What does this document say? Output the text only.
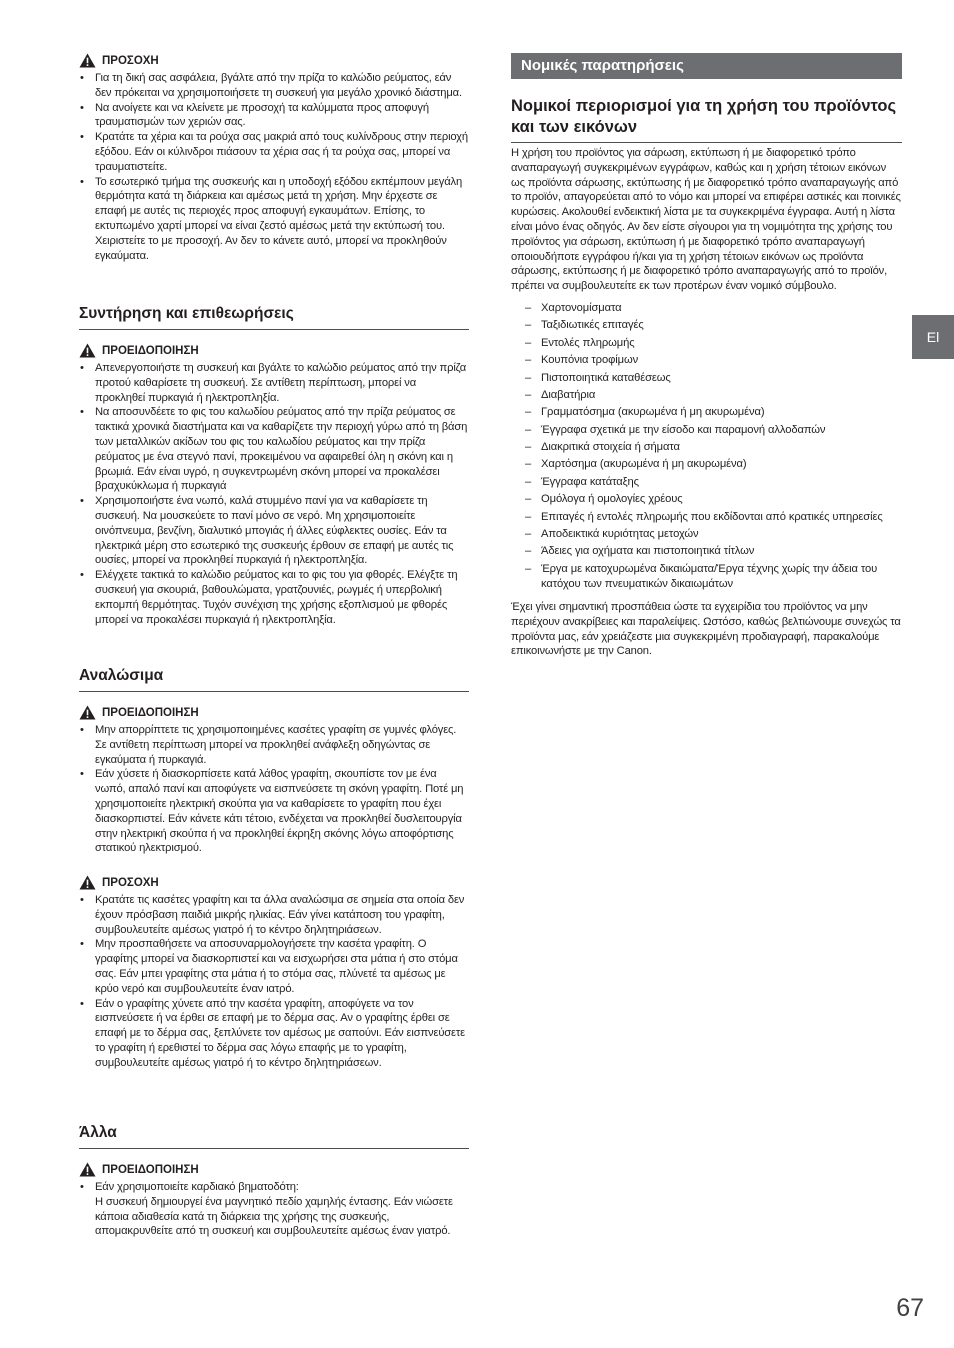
ΠΡΟΣΟΧΗ
• Για τη δική σας ασφάλεια, βγάλτε από την πρίζα το καλώδιο ρεύματος, εάν δεν πρόκειται να χρησιμοποιήσετε τη συσκευή για μεγάλο χρονικό διάστημα.
• Να ανοίγετε και να κλείνετε με προσοχή τα καλύμματα προς αποφυγή τραυματισμών των χεριών σας.
• Κρατάτε τα χέρια και τα ρούχα σας μακριά από τους κυλίνδρους στην περιοχή εξόδου. Εάν οι κύλινδροι πιάσουν τα χέρια σας ή τα ρούχα σας, μπορεί να τραυματιστείτε.
• Το εσωτερικό τμήμα της συσκευής και η υποδοχή εξόδου εκπέμπουν μεγάλη θερμότητα κατά τη διάρκεια και αμέσως μετά τη χρήση. Μην έρχεστε σε επαφή με αυτές τις περιοχές προς αποφυγή εγκαυμάτων. Επίσης, το εκτυπωμένο χαρτί μπορεί να είναι ζεστό αμέσως μετά την εκτύπωσή του. Χειριστείτε το με προσοχή. Αν δεν το κάνετε αυτό, μπορεί να προκληθούν εγκαύματα.
Συντήρηση και επιθεωρήσεις
ΠΡΟΕΙΔΟΠΟΙΗΣΗ
• Απενεργοποιήστε τη συσκευή και βγάλτε το καλώδιο ρεύματος από την πρίζα προτού καθαρίσετε τη συσκευή. Σε αντίθετη περίπτωση, μπορεί να προκληθεί πυρκαγιά ή ηλεκτροπληξία.
• Να αποσυνδέετε το φις του καλωδίου ρεύματος από την πρίζα ρεύματος σε τακτικά χρονικά διαστήματα και να καθαρίζετε την περιοχή γύρω από τη βάση των μεταλλικών ακίδων του φις του καλωδίου ρεύματος και την πρίζα ρεύματος με ένα στεγνό πανί, προκειμένου να αφαιρεθεί όλη η σκόνη και η βρωμιά. Εάν είναι υγρό, η συγκεντρωμένη σκόνη μπορεί να προκαλέσει βραχυκύκλωμα ή πυρκαγιά
• Χρησιμοποιήστε ένα νωπό, καλά στυμμένο πανί για να καθαρίσετε τη συσκευή. Να μουσκεύετε το πανί μόνο σε νερό. Μη χρησιμοποιείτε οινόπνευμα, βενζίνη, διαλυτικό μπογιάς ή άλλες εύφλεκτες ουσίες. Εάν τα ηλεκτρικά μέρη στο εσωτερικό της συσκευής έρθουν σε επαφή με αυτές τις ουσίες, μπορεί να προκληθεί πυρκαγιά ή ηλεκτροπληξία.
• Ελέγχετε τακτικά το καλώδιο ρεύματος και το φις του για φθορές. Ελέγξτε τη συσκευή για σκουριά, βαθουλώματα, γρατζουνιές, ρωγμές ή υπερβολική εκπομπή θερμότητας. Τυχόν συνέχιση της χρήσης εξοπλισμού με φθορές μπορεί να προκαλέσει πυρκαγιά ή ηλεκτροπληξία.
Αναλώσιμα
ΠΡΟΕΙΔΟΠΟΙΗΣΗ
• Μην απορρίπτετε τις χρησιμοποιημένες κασέτες γραφίτη σε γυμνές φλόγες. Σε αντίθετη περίπτωση μπορεί να προκληθεί ανάφλεξη οδηγώντας σε εγκαύματα ή πυρκαγιά.
• Εάν χύσετε ή διασκορπίσετε κατά λάθος γραφίτη, σκουπίστε τον με ένα νωπό, απαλό πανί και αποφύγετε να εισπνεύσετε τη σκόνη γραφίτη. Ποτέ μη χρησιμοποιείτε ηλεκτρική σκούπα για να καθαρίσετε το γραφίτη που έχει διασκορπιστεί. Εάν κάνετε κάτι τέτοιο, ενδέχεται να προκληθεί δυσλειτουργία στην ηλεκτρική σκούπα ή να προκληθεί έκρηξη σκόνης λόγω αποφόρτισης στατικού ηλεκτρισμού.
ΠΡΟΣΟΧΗ
• Κρατάτε τις κασέτες γραφίτη και τα άλλα αναλώσιμα σε σημεία στα οποία δεν έχουν πρόσβαση παιδιά μικρής ηλικίας. Εάν γίνει κατάποση του γραφίτη, συμβουλευτείτε αμέσως γιατρό ή το κέντρο δηλητηριάσεων.
• Μην προσπαθήσετε να αποσυναρμολογήσετε την κασέτα γραφίτη. Ο γραφίτης μπορεί να διασκορπιστεί και να εισχωρήσει στα μάτια ή στο στόμα σας. Εάν μπει γραφίτης στα μάτια ή το στόμα σας, πλύνετέ τα αμέσως με κρύο νερό και συμβουλευτείτε έναν ιατρό.
• Εάν ο γραφίτης χύνετε από την κασέτα γραφίτη, αποφύγετε να τον εισπνεύσετε ή να έρθει σε επαφή με το δέρμα σας. Αν ο γραφίτης έρθει σε επαφή με το δέρμα σας, ξεπλύνετε τον αμέσως με σαπούνι. Εάν εισπνεύσετε το γραφίτη ή ερεθιστεί το δέρμα σας λόγω επαφής με το γραφίτη, συμβουλευτείτε αμέσως γιατρό ή το κέντρο δηλητηριάσεων.
Άλλα
ΠΡΟΕΙΔΟΠΟΙΗΣΗ
• Εάν χρησιμοποιείτε καρδιακό βηματοδότη:
Η συσκευή δημιουργεί ένα μαγνητικό πεδίο χαμηλής έντασης. Εάν νιώσετε κάποια αδιαθεσία κατά τη διάρκεια της χρήσης της συσκευής, απομακρυνθείτε από τη συσκευή και συμβουλευτείτε αμέσως έναν γιατρό.
Νομικές παρατηρήσεις
Νομικοί περιορισμοί για τη χρήση του προϊόντος και των εικόνων

Η χρήση του προϊόντος για σάρωση, εκτύπωση ή με διαφορετικό τρόπο αναπαραγωγή συγκεκριμένων εγγράφων, καθώς και η χρήση τέτοιων εικόνων ως προϊόντα σάρωσης, εκτύπωσης ή με διαφορετικό τρόπο αναπαραγωγής από το προϊόν, απαγορεύεται από το νόμο και μπορεί να επιφέρει αστικές και ποινικές κυρώσεις. Ακολουθεί ενδεικτική λίστα με τα συγκεκριμένα έγγραφα. Αυτή η λίστα είναι μόνο ένας οδηγός. Αν δεν είστε σίγουροι για τη νομιμότητα της χρήσης του προϊόντος για σάρωση, εκτύπωση ή με διαφορετικό τρόπο αναπαραγωγή οποιουδήποτε εγγράφου ή/και για τη χρήση τέτοιων εικόνων ως προϊόντα σάρωσης, εκτύπωσης ή με διαφορετικό τρόπο αναπαραγωγής από το προϊόν, πρέπει να συμβουλευτείτε εκ των προτέρων έναν νομικό σύμβουλο.

– Χαρτονομίσματα
– Ταξιδιωτικές επιταγές
– Εντολές πληρωμής
– Κουπόνια τροφίμων
– Πιστοποιητικά καταθέσεως
– Διαβατήρια
– Γραμματόσημα (ακυρωμένα ή μη ακυρωμένα)
– Έγγραφα σχετικά με την είσοδο και παραμονή αλλοδαπών
– Διακριτικά στοιχεία ή σήματα
– Χαρτόσημα (ακυρωμένα ή μη ακυρωμένα)
– Έγγραφα κατάταξης
– Ομόλογα ή ομολογίες χρέους
– Επιταγές ή εντολές πληρωμής που εκδίδονται από κρατικές υπηρεσίες
– Αποδεικτικά κυριότητας μετοχών
– Άδειες για οχήματα και πιστοποιητικά τίτλων
– Έργα με κατοχυρωμένα δικαιώματα/Έργα τέχνης χωρίς την άδεια του κατόχου των πνευματικών δικαιωμάτων

Έχει γίνει σημαντική προσπάθεια ώστε τα εγχειρίδια του προϊόντος να μην περιέχουν ανακρίβειες και παραλείψεις. Ωστόσο, καθώς βελτιώνουμε συνεχώς τα προϊόντα μας, εάν χρειάζεστε μια συγκεκριμένη προδιαγραφή, παρακαλούμε επικοινωνήστε με την Canon.

El
67
